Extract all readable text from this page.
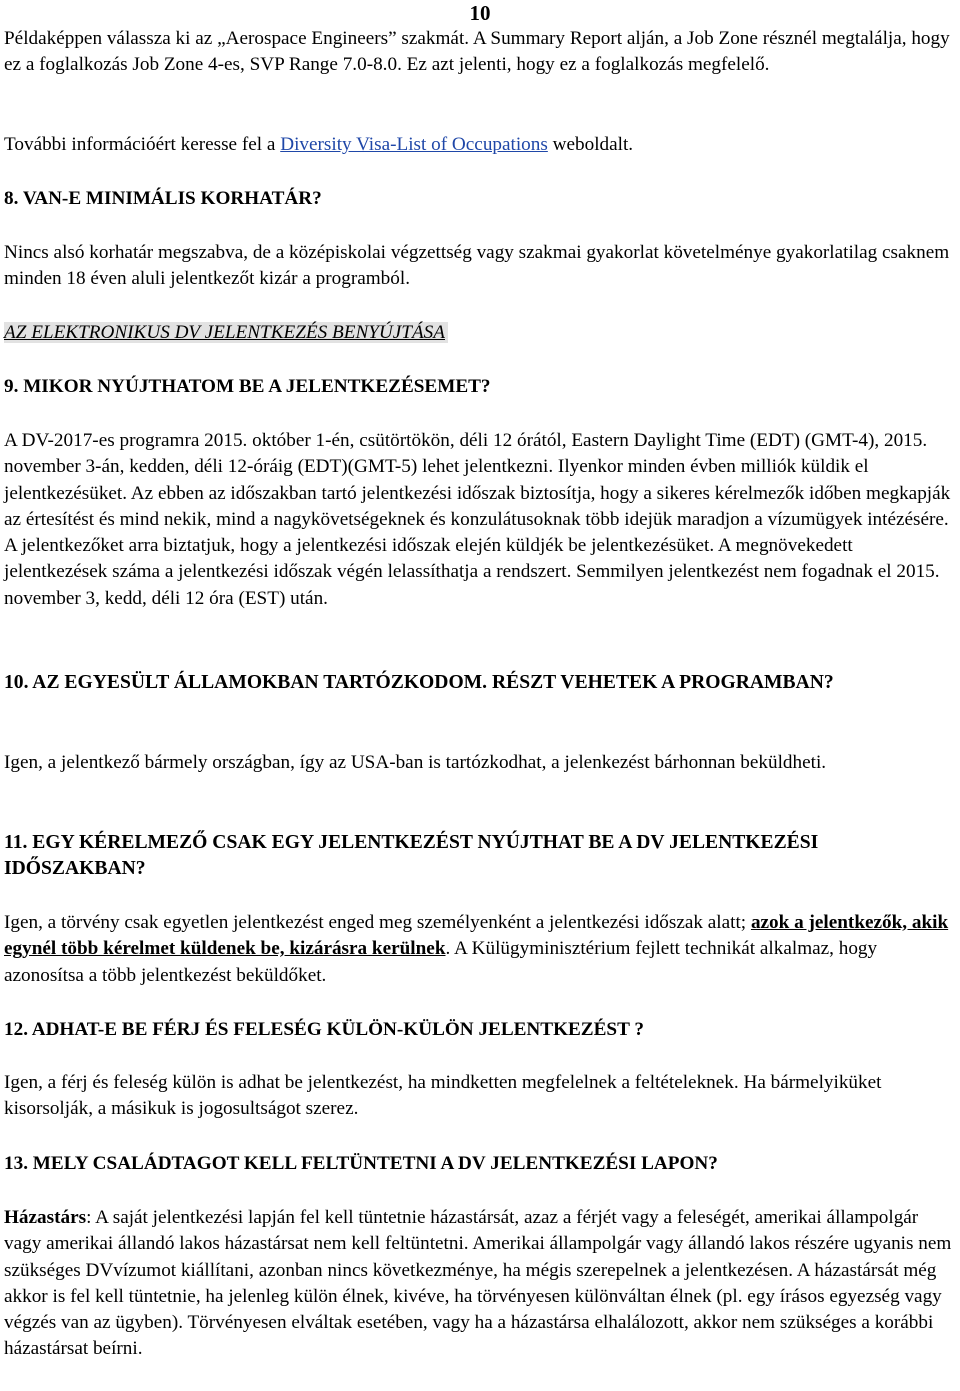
10

Példaképpen válassza ki az „Aerospace Engineers” szakmát. A Summary Report alján, a Job Zone résznél megtalálja, hogy ez a foglalkozás Job Zone 4-es, SVP Range 7.0-8.0. Ez azt jelenti, hogy ez a foglalkozás megfelelő.

További információért keresse fel a Diversity Visa-List of Occupations weboldalt.

8. VAN-E MINIMÁLIS KORHATÁR?

Nincs alsó korhatár megszabva, de a középiskolai végzettség vagy szakmai gyakorlat követelménye gyakorlatilag csaknem minden 18 éven aluli jelentkezőt kizár a programból.

AZ ELEKTRONIKUS DV JELENTKEZÉS BENYÚJTÁSA

9. MIKOR NYÚJTHATOM BE A JELENTKEZÉSEMET?

A DV-2017-es programra 2015. október 1-én, csütörtökön, déli 12 órától, Eastern Daylight Time (EDT) (GMT-4), 2015. november 3-án, kedden, déli 12-óráig (EDT)(GMT-5) lehet jelentkezni. Ilyenkor minden évben milliók küldik el jelentkezésüket. Az ebben az időszakban tartó jelentkezési időszak biztosítja, hogy a sikeres kérelmezők időben megkapják az értesítést és mind nekik, mind a nagykövetségeknek és konzulátusoknak több idejük maradjon a vízumügyek intézésére. A jelentkezőket arra biztatjuk, hogy a jelentkezési időszak elején küldjék be jelentkezésüket. A megnövekedett jelentkezések száma a jelentkezési időszak végén lelassíthatja a rendszert. Semmilyen jelentkezést nem fogadnak el 2015. november 3, kedd, déli 12 óra (EST) után.

10. AZ EGYESÜLT ÁLLAMOKBAN TARTÓZKODOM. RÉSZT VEHETEK A PROGRAMBAN?

Igen, a jelentkező bármely országban, így az USA-ban is tartózkodhat, a jelenkezést bárhonnan beküldheti.

11. EGY KÉRELMEZŐ CSAK EGY JELENTKEZÉST NYÚJTHAT BE A DV JELENTKEZÉSI IDŐSZAKBAN?

Igen, a törvény csak egyetlen jelentkezést enged meg személyenként a jelentkezési időszak alatt; azok a jelentkezők, akik egynél több kérelmet küldenek be, kizárásra kerülnek. A Külügyminisztérium fejlett technikát alkalmaz, hogy azonosítsa a több jelentkezést beküldőket.

12. ADHAT-E BE FÉRJ ÉS FELESÉG KÜLÖN-KÜLÖN JELENTKEZÉST ?

Igen, a férj és feleség külön is adhat be jelentkezést, ha mindketten megfelelnek a feltételeknek. Ha bármelyiküket kisorsolják, a másikuk is jogosultságot szerez.

13. MELY CSALÁDTAGOT KELL FELTÜNTETNI A DV JELENTKEZÉSI LAPON?

Házastárs: A saját jelentkezési lapján fel kell tüntetnie házastársát, azaz a férjét vagy a feleségét, amerikai állampolgár vagy amerikai állandó lakos házastársat nem kell feltüntetni. Amerikai állampolgár vagy állandó lakos részére ugyanis nem szükséges DVvízumot kiállítani, azonban nincs következménye, ha mégis szerepelnek a jelentkezésen. A házastársát még akkor is fel kell tüntetnie, ha jelenleg külön élnek, kivéve, ha törvényesen különváltan élnek (pl. egy írásos egyezség vagy végzés van az ügyben). Törvényesen elváltak esetében, vagy ha a házastársa elhalálozott, akkor nem szükséges a korábbi házastársat beírni.
